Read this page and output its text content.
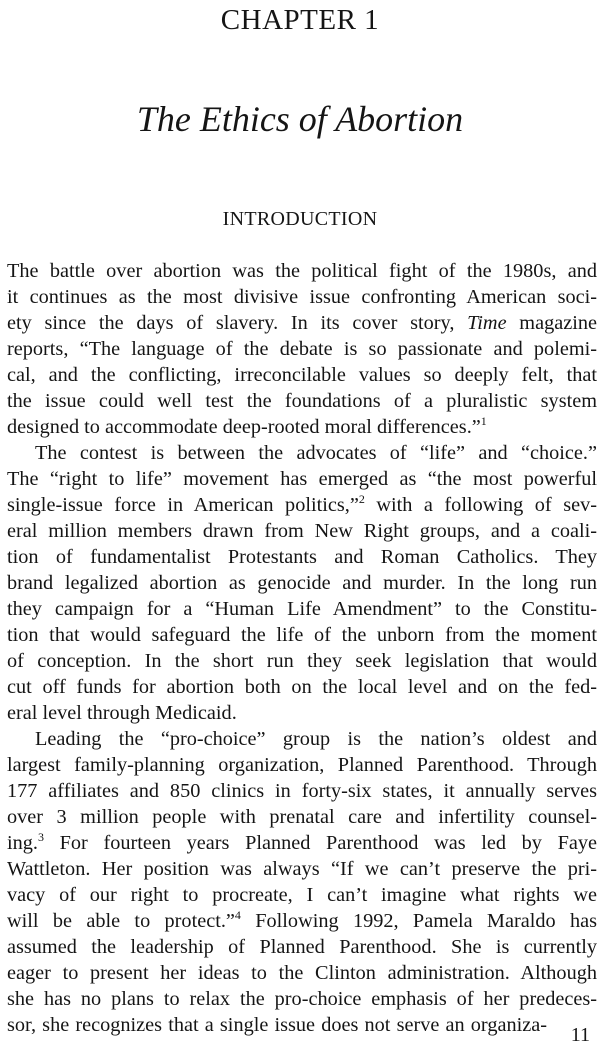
CHAPTER 1
The Ethics of Abortion
INTRODUCTION
The battle over abortion was the political fight of the 1980s, and
it continues as the most divisive issue confronting American soci-
ety since the days of slavery. In its cover story, Time magazine
reports, “The language of the debate is so passionate and polemi-
cal, and the conflicting, irreconcilable values so deeply felt, that
the issue could well test the foundations of a pluralistic system
designed to accommodate deep-rooted moral differences.”$^1$
The contest is between the advocates of “life” and “choice.”
The “right to life” movement has emerged as “the most powerful
single-issue force in American politics,”$^2$ with a following of sev-
eral million members drawn from New Right groups, and a coali-
tion of fundamentalist Protestants and Roman Catholics. They
brand legalized abortion as genocide and murder. In the long run
they campaign for a “Human Life Amendment” to the Constitu-
tion that would safeguard the life of the unborn from the moment
of conception. In the short run they seek legislation that would
cut off funds for abortion both on the local level and on the fed-
eral level through Medicaid.
Leading the “pro-choice” group is the nation’s oldest and
largest family-planning organization, Planned Parenthood. Through
177 affiliates and 850 clinics in forty-six states, it annually serves
over 3 million people with prenatal care and infertility counsel-
ing.$^3$ For fourteen years Planned Parenthood was led by Faye
Wattleton. Her position was always “If we can’t preserve the pri-
vacy of our right to procreate, I can’t imagine what rights we
will be able to protect.”$^4$ Following 1992, Pamela Maraldo has
assumed the leadership of Planned Parenthood. She is currently
eager to present her ideas to the Clinton administration. Although
she has no plans to relax the pro-choice emphasis of her predeces-
sor, she recognizes that a single issue does not serve an organiza- 11
